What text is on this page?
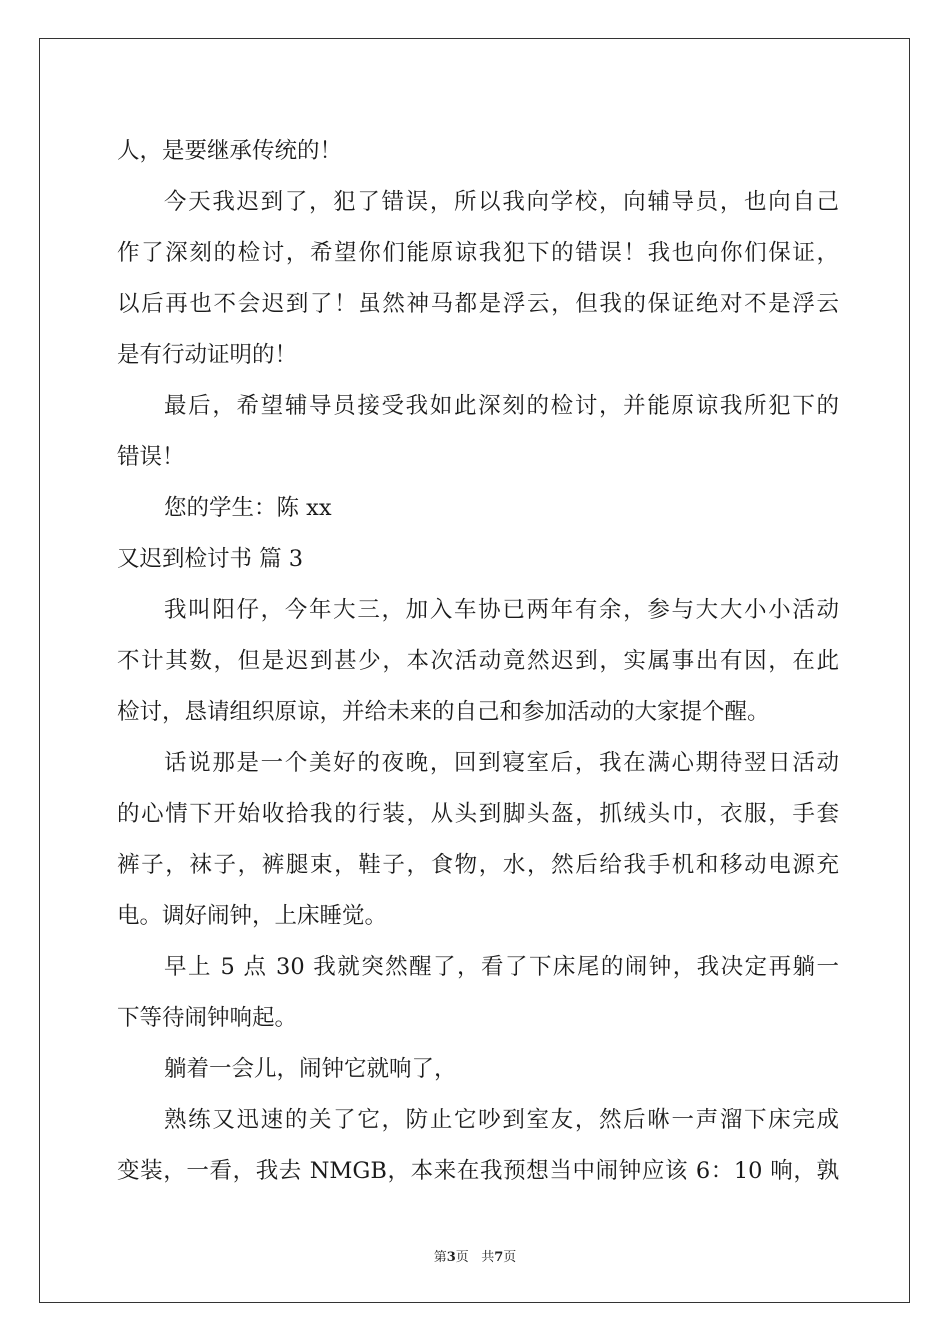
人，是要继承传统的！
今天我迟到了，犯了错误，所以我向学校，向辅导员，也向自己
作了深刻的检讨，希望你们能原谅我犯下的错误！我也向你们保证，
以后再也不会迟到了！虽然神马都是浮云，但我的保证绝对不是浮云
是有行动证明的！
最后，希望辅导员接受我如此深刻的检讨，并能原谅我所犯下的
错误！
您的学生：陈 xx
又迟到检讨书 篇 3
我叫阳仔，今年大三，加入车协已两年有余，参与大大小小活动
不计其数，但是迟到甚少，本次活动竟然迟到，实属事出有因，在此
检讨，恳请组织原谅，并给未来的自己和参加活动的大家提个醒。
话说那是一个美好的夜晚，回到寝室后，我在满心期待翌日活动
的心情下开始收拾我的行装，从头到脚头盔，抓绒头巾，衣服，手套
裤子，袜子，裤腿束，鞋子，食物，水，然后给我手机和移动电源充
电。调好闹钟，上床睡觉。
早上 5 点 30 我就突然醒了，看了下床尾的闹钟，我决定再躺一
下等待闹钟响起。
躺着一会儿，闹钟它就响了，
熟练又迅速的关了它，防止它吵到室友，然后咻一声溜下床完成
变装，一看，我去 NMGB，本来在我预想当中闹钟应该 6：10 响，孰
第3页 共7页
